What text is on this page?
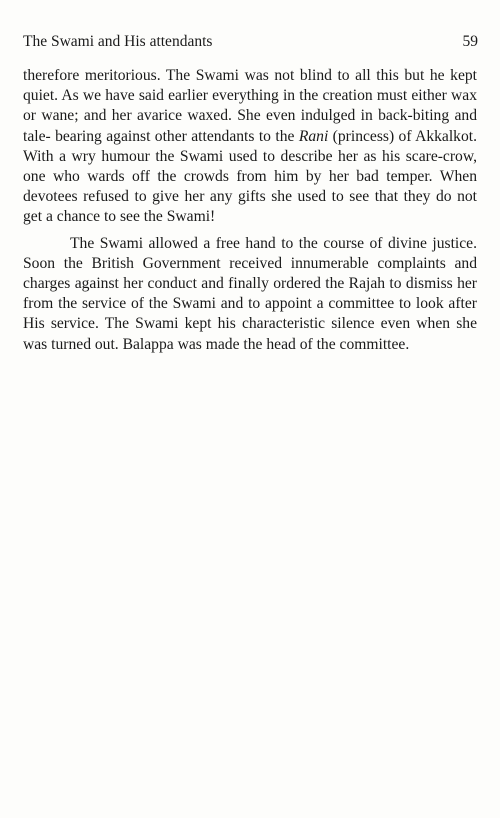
The Swami and His attendants	59

therefore meritorious. The Swami was not blind to all this but he kept quiet. As we have said earlier everything in the creation must either wax or wane; and her avarice waxed. She even indulged in back-biting and tale- bearing against other attendants to the Rani (princess) of Akkalkot. With a wry humour the Swami used to describe her as his scare-crow, one who wards off the crowds from him by her bad temper. When devotees refused to give her any gifts she used to see that they do not get a chance to see the Swami!

The Swami allowed a free hand to the course of divine justice. Soon the British Government received innumerable complaints and charges against her conduct and finally ordered the Rajah to dismiss her from the service of the Swami and to appoint a committee to look after His service. The Swami kept his characteristic silence even when she was turned out. Balappa was made the head of the committee.
